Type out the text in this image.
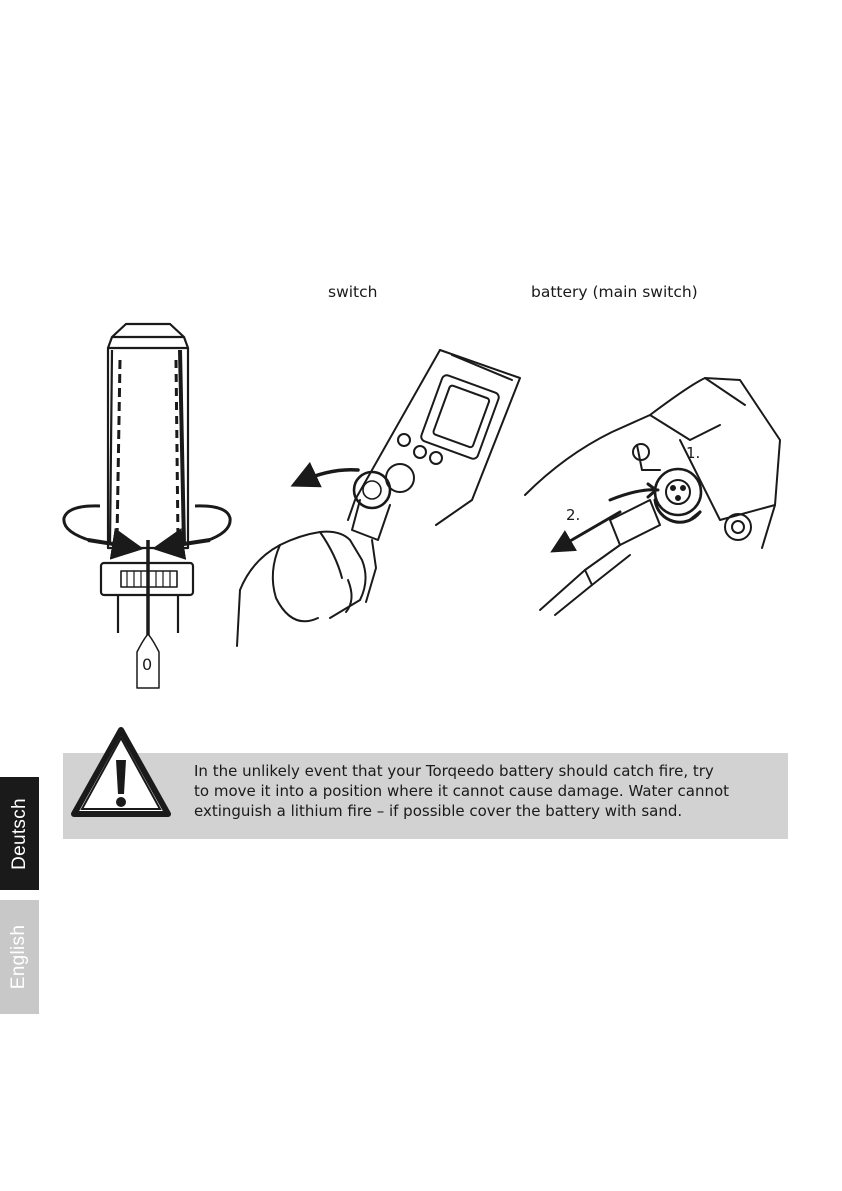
switch	battery (main switch)
0
1.
2.
In the unlikely event that your Torqeedo battery should catch fire, try
to move it into a position where it cannot cause damage. Water cannot
extinguish a lithium fire – if possible cover the battery with sand.
Deutsch
English
